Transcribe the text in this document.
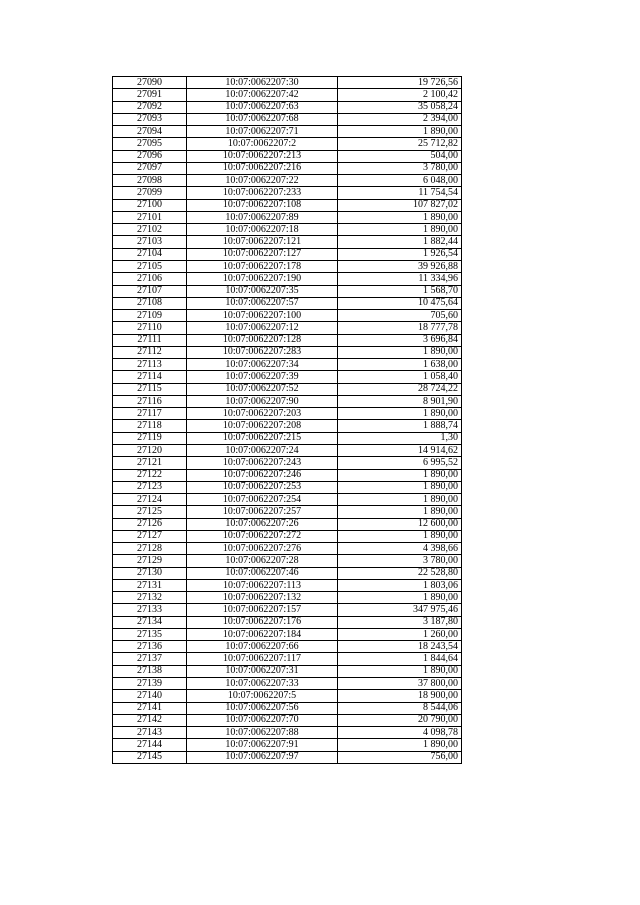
27090	10:07:0062207:30	19 726,56
27091	10:07:0062207:42	2 100,42
27092	10:07:0062207:63	35 058,24
27093	10:07:0062207:68	2 394,00
27094	10:07:0062207:71	1 890,00
27095	10:07:0062207:2	25 712,82
27096	10:07:0062207:213	504,00
27097	10:07:0062207:216	3 780,00
27098	10:07:0062207:22	6 048,00
27099	10:07:0062207:233	11 754,54
27100	10:07:0062207:108	107 827,02
27101	10:07:0062207:89	1 890,00
27102	10:07:0062207:18	1 890,00
27103	10:07:0062207:121	1 882,44
27104	10:07:0062207:127	1 926,54
27105	10:07:0062207:178	39 926,88
27106	10:07:0062207:190	11 334,96
27107	10:07:0062207:35	1 568,70
27108	10:07:0062207:57	10 475,64
27109	10:07:0062207:100	705,60
27110	10:07:0062207:12	18 777,78
27111	10:07:0062207:128	3 696,84
27112	10:07:0062207:283	1 890,00
27113	10:07:0062207:34	1 638,00
27114	10:07:0062207:39	1 058,40
27115	10:07:0062207:52	28 724,22
27116	10:07:0062207:90	8 901,90
27117	10:07:0062207:203	1 890,00
27118	10:07:0062207:208	1 888,74
27119	10:07:0062207:215	1,30
27120	10:07:0062207:24	14 914,62
27121	10:07:0062207:243	6 995,52
27122	10:07:0062207:246	1 890,00
27123	10:07:0062207:253	1 890,00
27124	10:07:0062207:254	1 890,00
27125	10:07:0062207:257	1 890,00
27126	10:07:0062207:26	12 600,00
27127	10:07:0062207:272	1 890,00
27128	10:07:0062207:276	4 398,66
27129	10:07:0062207:28	3 780,00
27130	10:07:0062207:46	22 528,80
27131	10:07:0062207:113	1 803,06
27132	10:07:0062207:132	1 890,00
27133	10:07:0062207:157	347 975,46
27134	10:07:0062207:176	3 187,80
27135	10:07:0062207:184	1 260,00
27136	10:07:0062207:66	18 243,54
27137	10:07:0062207:117	1 844,64
27138	10:07:0062207:31	1 890,00
27139	10:07:0062207:33	37 800,00
27140	10:07:0062207:5	18 900,00
27141	10:07:0062207:56	8 544,06
27142	10:07:0062207:70	20 790,00
27143	10:07:0062207:88	4 098,78
27144	10:07:0062207:91	1 890,00
27145	10:07:0062207:97	756,00
